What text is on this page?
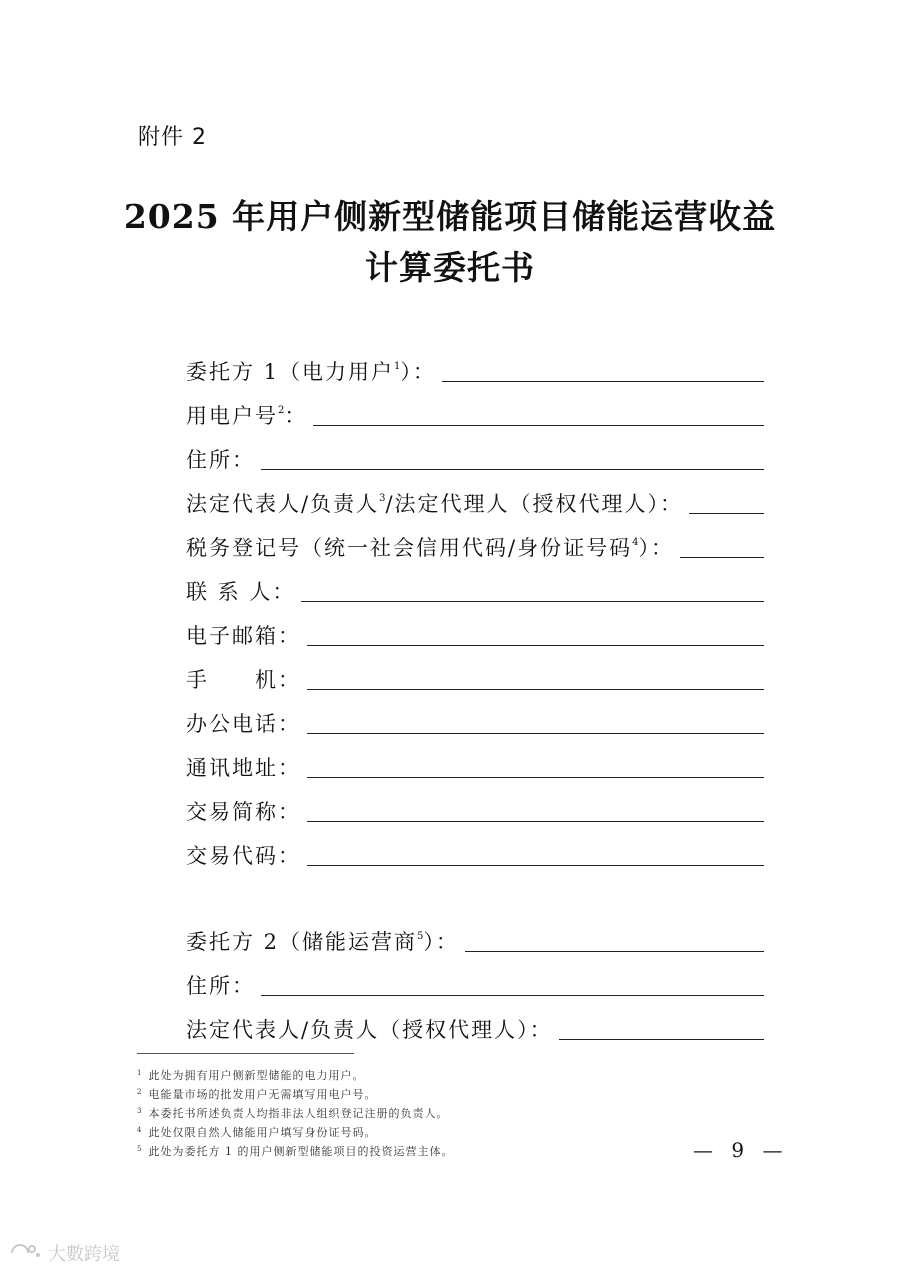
附件 2
2025 年用户侧新型储能项目储能运营收益
计算委托书
委托方 1（电力用户$^1$）：
用电户号$^2$：
住所：
法定代表人/负责人$^3$/法定代理人（授权代理人）：
税务登记号（统一社会信用代码/身份证号码$^4$）：
联 系 人：
电子邮箱：
手　　机：
办公电话：
通讯地址：
交易简称：
交易代码：
委托方 2（储能运营商$^5$）：
住所：
法定代表人/负责人（授权代理人）：
$^1$ 此处为拥有用户侧新型储能的电力用户。
$^2$ 电能量市场的批发用户无需填写用电户号。
$^3$ 本委托书所述负责人均指非法人组织登记注册的负责人。
$^4$ 此处仅限自然人储能用户填写身份证号码。
$^5$ 此处为委托方 1 的用户侧新型储能项目的投资运营主体。	— 9 —
大數跨境
